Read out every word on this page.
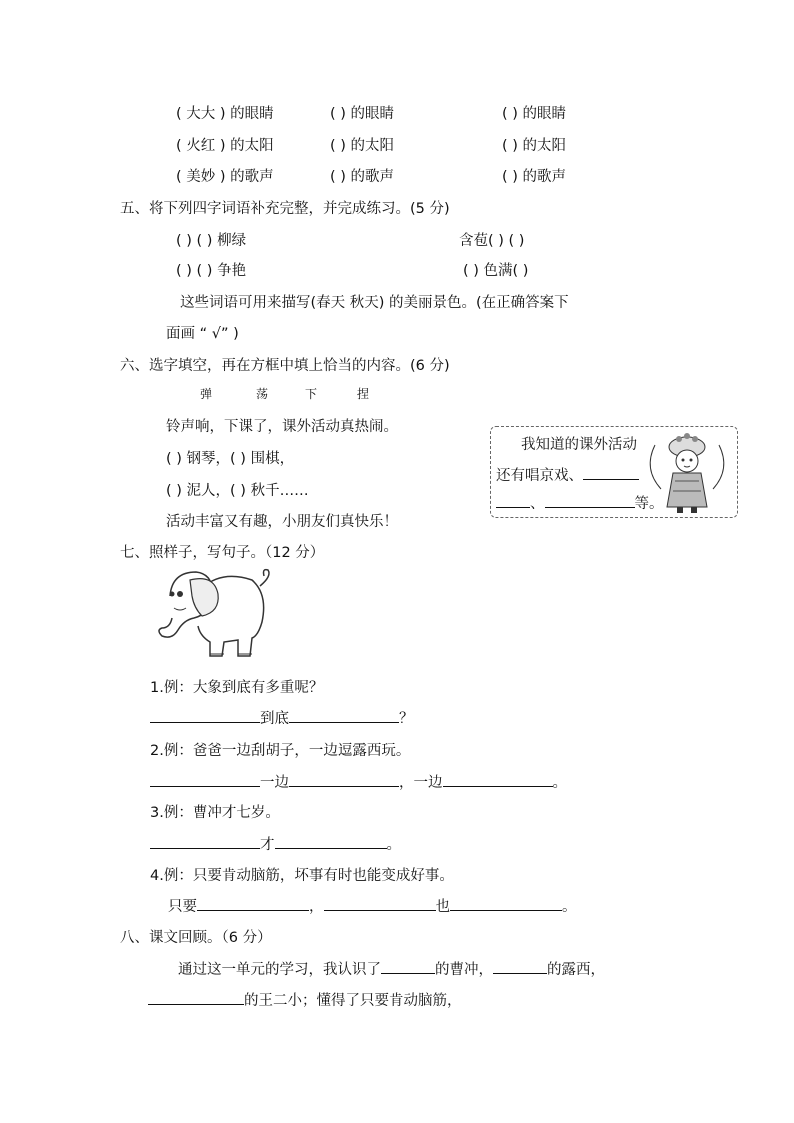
( 大大 ) 的眼睛	( ) 的眼睛	( ) 的眼睛
( 火红 ) 的太阳	( ) 的太阳	( ) 的太阳
( 美妙 ) 的歌声	( ) 的歌声	( ) 的歌声
五、将下列四字词语补充完整，并完成练习。(5 分)
( ) ( ) 柳绿	含苞( ) ( )
( ) ( ) 争艳	( ) 色满( )
这些词语可用来描写(春天 秋天) 的美丽景色。(在正确答案下
面画 “ √” )
六、选字填空，再在方框中填上恰当的内容。(6 分)
弹	荡	下	捏
铃声响，下课了，课外活动真热闹。
( ) 钢琴，( ) 围棋，
( ) 泥人，( ) 秋千……
活动丰富又有趣，小朋友们真快乐！
我知道的课外活动
还有唱京戏、
、	等。
七、照样子，写句子。（12 分）
1.例：大象到底有多重呢？
到底	？
2.例：爸爸一边刮胡子，一边逗露西玩。
一边	，一边	。
3.例：曹冲才七岁。
才	。
4.例：只要肯动脑筋，坏事有时也能变成好事。
只要	，	也	。
八、课文回顾。（6 分）
通过这一单元的学习，我认识了	的曹冲，	的露西，
的王二小；懂得了只要肯动脑筋，
